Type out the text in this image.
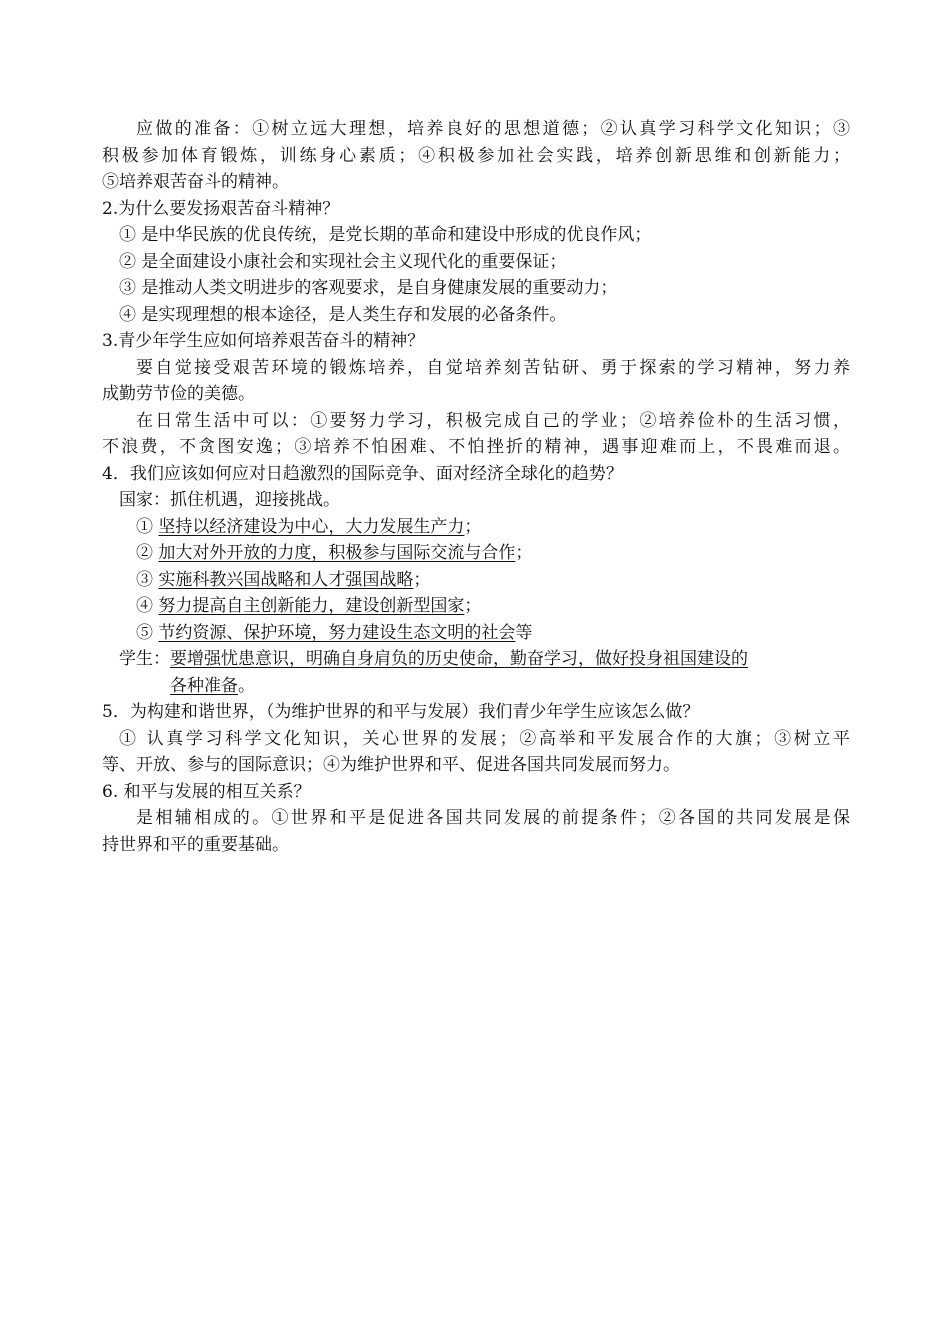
应做的准备：①树立远大理想，培养良好的思想道德；②认真学习科学文化知识；③
积极参加体育锻炼，训练身心素质；④积极参加社会实践，培养创新思维和创新能力；
⑤培养艰苦奋斗的精神。
2.为什么要发扬艰苦奋斗精神？
① 是中华民族的优良传统，是党长期的革命和建设中形成的优良作风；
② 是全面建设小康社会和实现社会主义现代化的重要保证；
③ 是推动人类文明进步的客观要求，是自身健康发展的重要动力；
④ 是实现理想的根本途径，是人类生存和发展的必备条件。
3.青少年学生应如何培养艰苦奋斗的精神？
要自觉接受艰苦环境的锻炼培养，自觉培养刻苦钻研、勇于探索的学习精神，努力养
成勤劳节俭的美德。
在日常生活中可以：①要努力学习，积极完成自己的学业；②培养俭朴的生活习惯，
不浪费，不贪图安逸；③培养不怕困难、不怕挫折的精神，遇事迎难而上，不畏难而退。
4．我们应该如何应对日趋激烈的国际竞争、面对经济全球化的趋势？
国家：抓住机遇，迎接挑战。
① 坚持以经济建设为中心，大力发展生产力；
② 加大对外开放的力度，积极参与国际交流与合作；
③ 实施科教兴国战略和人才强国战略；
④ 努力提高自主创新能力，建设创新型国家；
⑤ 节约资源、保护环境，努力建设生态文明的社会等
学生：要增强忧患意识，明确自身肩负的历史使命，勤奋学习，做好投身祖国建设的
各种准备。
5．为构建和谐世界，（为维护世界的和平与发展）我们青少年学生应该怎么做？
① 认真学习科学文化知识，关心世界的发展；②高举和平发展合作的大旗；③树立平
等、开放、参与的国际意识；④为维护世界和平、促进各国共同发展而努力。
6. 和平与发展的相互关系？
是相辅相成的。①世界和平是促进各国共同发展的前提条件；②各国的共同发展是保
持世界和平的重要基础。
